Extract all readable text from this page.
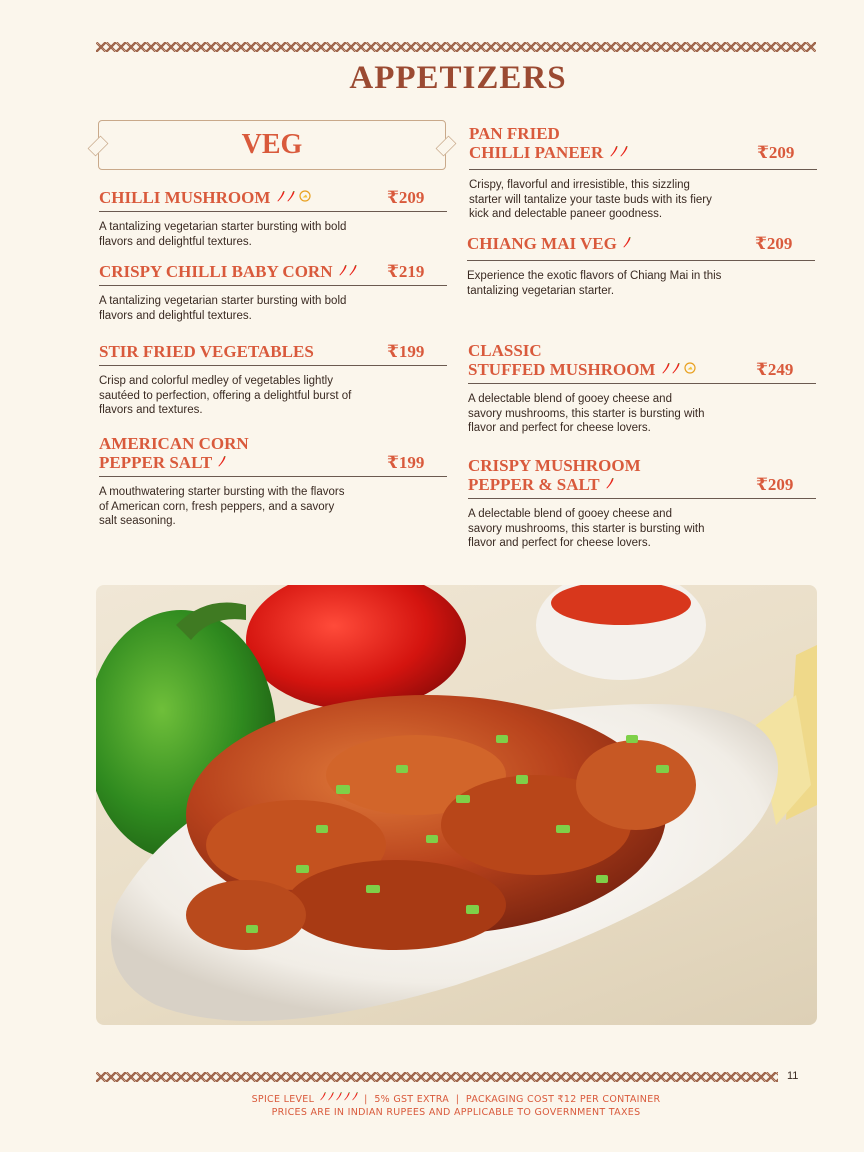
APPETIZERS
VEG
CHILLI MUSHROOM	₹209

A tantalizing vegetarian starter bursting with bold flavors and delightful textures.

CRISPY CHILLI BABY CORN	₹219

A tantalizing vegetarian starter bursting with bold flavors and delightful textures.

STIR FRIED VEGETABLES	₹199

Crisp and colorful medley of vegetables lightly sautéed to perfection, offering a delightful burst of flavors and textures.

AMERICAN CORN
PEPPER SALT	₹199

A mouthwatering starter bursting with the flavors of American corn, fresh peppers, and a savory salt seasoning.

PAN FRIED
CHILLI PANEER	₹209

Crispy, flavorful and irresistible, this sizzling starter will tantalize your taste buds with its fiery kick and delectable paneer goodness.

CHIANG MAI VEG	₹209

Experience the exotic flavors of Chiang Mai in this tantalizing vegetarian starter.

CLASSIC
STUFFED MUSHROOM	₹249

A delectable blend of gooey cheese and savory mushrooms, this starter is bursting with flavor and perfect for cheese lovers.

CRISPY MUSHROOM
PEPPER & SALT	₹209

A delectable blend of gooey cheese and savory mushrooms, this starter is bursting with flavor and perfect for cheese lovers.

11
SPICE LEVEL	| 5% GST EXTRA | PACKAGING COST ₹12 PER CONTAINER
PRICES ARE IN INDIAN RUPEES AND APPLICABLE TO GOVERNMENT TAXES
